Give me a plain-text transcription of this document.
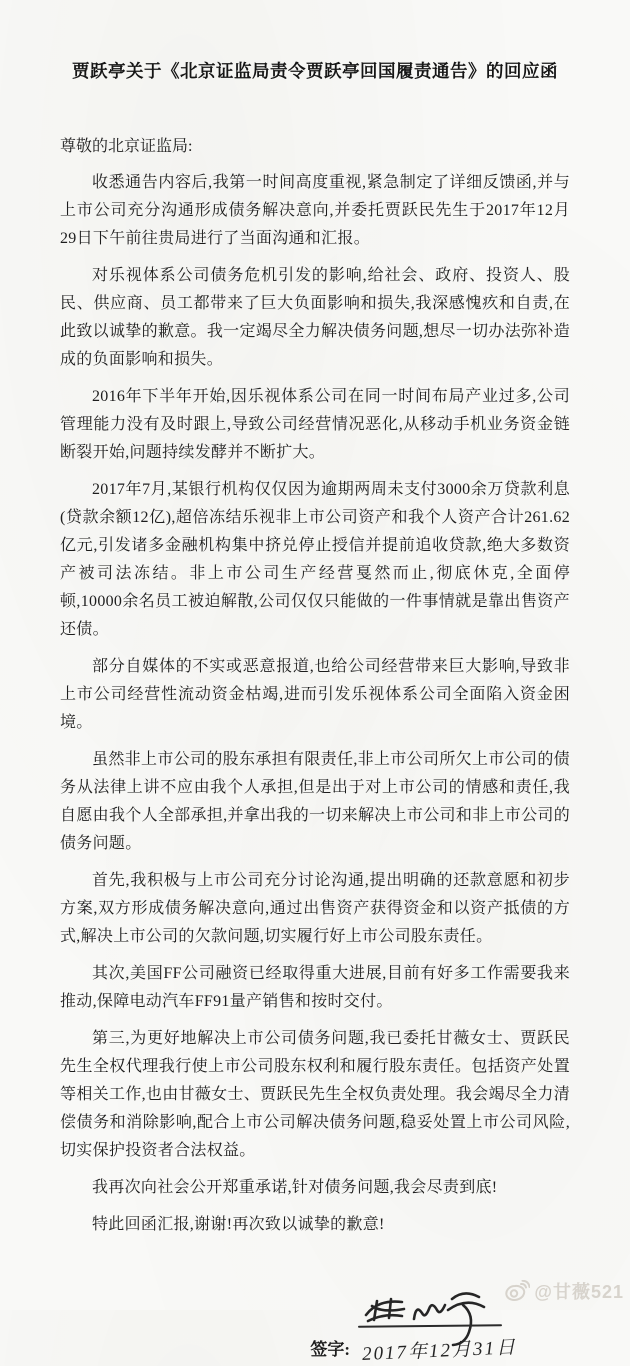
贾跃亭关于《北京证监局责令贾跃亭回国履责通告》的回应函
尊敬的北京证监局:

收悉通告内容后,我第一时间高度重视,紧急制定了详细反馈函,并与上市公司充分沟通形成债务解决意向,并委托贾跃民先生于2017年12月29日下午前往贵局进行了当面沟通和汇报。

对乐视体系公司债务危机引发的影响,给社会、政府、投资人、股民、供应商、员工都带来了巨大负面影响和损失,我深感愧疚和自责,在此致以诚挚的歉意。我一定竭尽全力解决债务问题,想尽一切办法弥补造成的负面影响和损失。

2016年下半年开始,因乐视体系公司在同一时间布局产业过多,公司管理能力没有及时跟上,导致公司经营情况恶化,从移动手机业务资金链断裂开始,问题持续发酵并不断扩大。

2017年7月,某银行机构仅仅因为逾期两周未支付3000余万贷款利息(贷款余额12亿),超倍冻结乐视非上市公司资产和我个人资产合计261.62亿元,引发诸多金融机构集中挤兑停止授信并提前追收贷款,绝大多数资产被司法冻结。非上市公司生产经营戛然而止,彻底休克,全面停顿,10000余名员工被迫解散,公司仅仅只能做的一件事情就是靠出售资产还债。

部分自媒体的不实或恶意报道,也给公司经营带来巨大影响,导致非上市公司经营性流动资金枯竭,进而引发乐视体系公司全面陷入资金困境。

虽然非上市公司的股东承担有限责任,非上市公司所欠上市公司的债务从法律上讲不应由我个人承担,但是出于对上市公司的情感和责任,我自愿由我个人全部承担,并拿出我的一切来解决上市公司和非上市公司的债务问题。

首先,我积极与上市公司充分讨论沟通,提出明确的还款意愿和初步方案,双方形成债务解决意向,通过出售资产获得资金和以资产抵债的方式,解决上市公司的欠款问题,切实履行好上市公司股东责任。

其次,美国FF公司融资已经取得重大进展,目前有好多工作需要我来推动,保障电动汽车FF91量产销售和按时交付。

第三,为更好地解决上市公司债务问题,我已委托甘薇女士、贾跃民先生全权代理我行使上市公司股东权利和履行股东责任。包括资产处置等相关工作,也由甘薇女士、贾跃民先生全权负责处理。我会竭尽全力清偿债务和消除影响,配合上市公司解决债务问题,稳妥处置上市公司风险,切实保护投资者合法权益。

我再次向社会公开郑重承诺,针对债务问题,我会尽责到底!

特此回函汇报,谢谢!再次致以诚挚的歉意!

签字: 2017年12月31日
@甘薇521
